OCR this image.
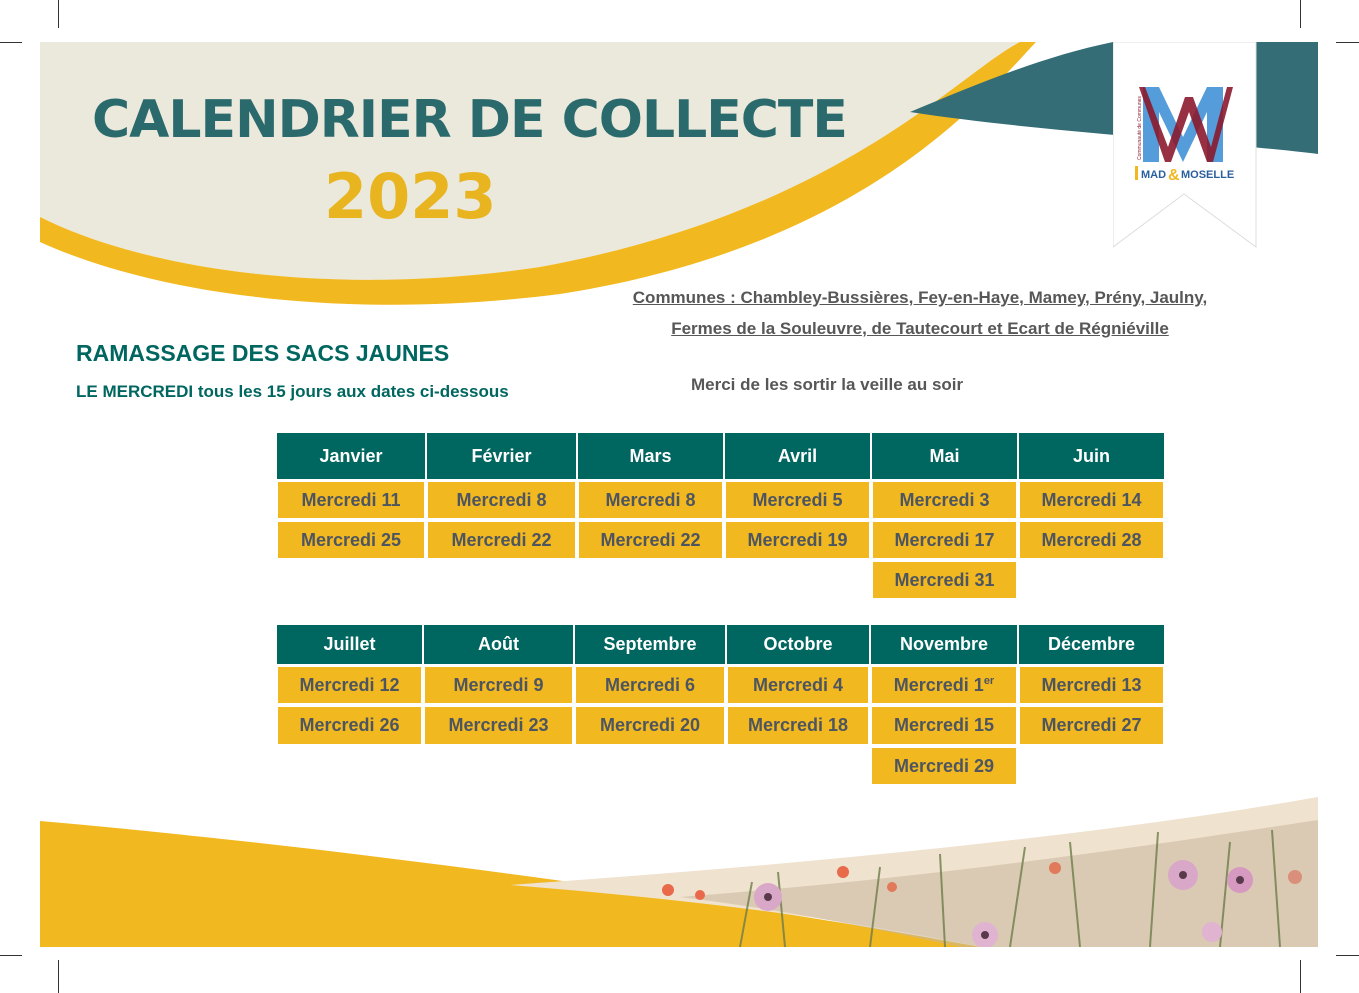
MAD & MOSELLE
Communauté de Communes
CALENDRIER DE COLLECTE
2023
Communes : Chambley-Bussières, Fey-en-Haye, Mamey, Prény, Jaulny,
Fermes de la Souleuvre, de Tautecourt et Ecart de Régniéville
RAMASSAGE DES SACS JAUNES
LE MERCREDI tous les 15 jours aux dates ci-dessous	Merci de les sortir la veille au soir
Janvier
Mercredi 11
Mercredi 25
Février
Mercredi 8
Mercredi 22
Mars
Mercredi 8
Mercredi 22
Avril
Mercredi 5
Mercredi 19
Mai
Mercredi 3
Mercredi 17
Mercredi 31
Juin
Mercredi 14
Mercredi 28
Juillet
Mercredi 12
Mercredi 26
Août
Mercredi 9
Mercredi 23
Septembre
Mercredi 6
Mercredi 20
Octobre
Mercredi 4
Mercredi 18
Novembre
Mercredi 1er
Mercredi 15
Mercredi 29
Décembre
Mercredi 13
Mercredi 27
